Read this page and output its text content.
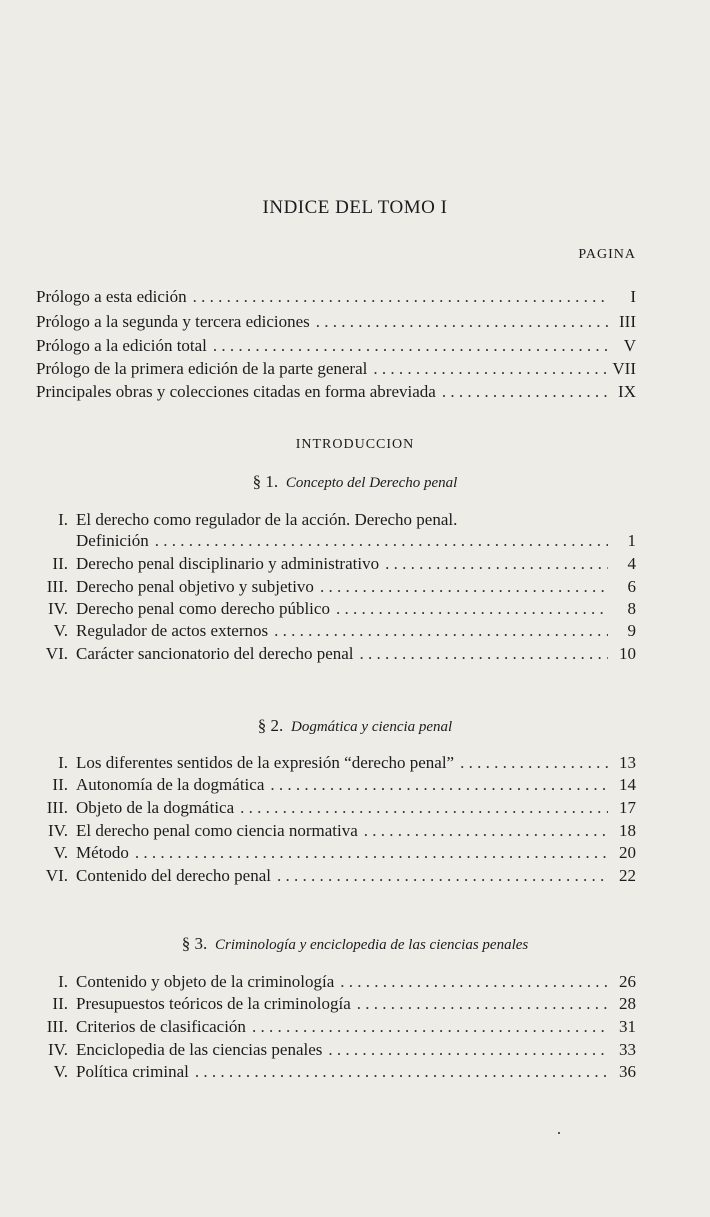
INDICE DEL TOMO I
PAGINA
Prólogo a esta edición . . .	I
Prólogo a la segunda y tercera ediciones . . .	III
Prólogo a la edición total . . .	V
Prólogo de la primera edición de la parte general . . .	VII
Principales obras y colecciones citadas en forma abreviada . . .	IX
INTRODUCCION
§ 1. Concepto del Derecho penal
I. El derecho como regulador de la acción. Derecho penal.
Definición . . .	1
II. Derecho penal disciplinario y administrativo . . .	4
III. Derecho penal objetivo y subjetivo . . .	6
IV. Derecho penal como derecho público . . .	8
V. Regulador de actos externos . . .	9
VI. Carácter sancionatorio del derecho penal . . .	10
§ 2. Dogmática y ciencia penal
I. Los diferentes sentidos de la expresión “derecho penal” . . .	13
II. Autonomía de la dogmática . . .	14
III. Objeto de la dogmática . . .	17
IV. El derecho penal como ciencia normativa . . .	18
V. Método . . .	20
VI. Contenido del derecho penal . . .	22
§ 3. Criminología y enciclopedia de las ciencias penales
I. Contenido y objeto de la criminología . . .	26
II. Presupuestos teóricos de la criminología . . .	28
III. Criterios de clasificación . . .	31
IV. Enciclopedia de las ciencias penales . . .	33
V. Política criminal . . .	36
